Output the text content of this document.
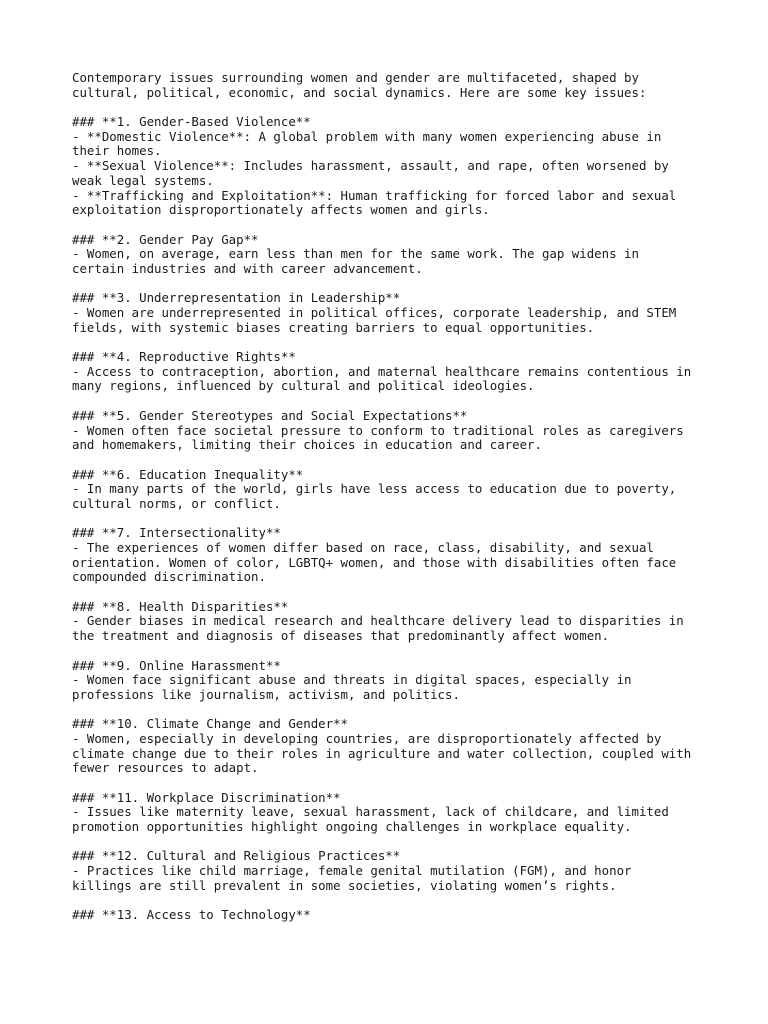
Contemporary issues surrounding women and gender are multifaceted, shaped by
cultural, political, economic, and social dynamics. Here are some key issues:
### **1. Gender-Based Violence**
- **Domestic Violence**: A global problem with many women experiencing abuse in
their homes.
- **Sexual Violence**: Includes harassment, assault, and rape, often worsened by
weak legal systems.
- **Trafficking and Exploitation**: Human trafficking for forced labor and sexual
exploitation disproportionately affects women and girls.
### **2. Gender Pay Gap**
- Women, on average, earn less than men for the same work. The gap widens in
certain industries and with career advancement.
### **3. Underrepresentation in Leadership**
- Women are underrepresented in political offices, corporate leadership, and STEM
fields, with systemic biases creating barriers to equal opportunities.
### **4. Reproductive Rights**
- Access to contraception, abortion, and maternal healthcare remains contentious in
many regions, influenced by cultural and political ideologies.
### **5. Gender Stereotypes and Social Expectations**
- Women often face societal pressure to conform to traditional roles as caregivers
and homemakers, limiting their choices in education and career.
### **6. Education Inequality**
- In many parts of the world, girls have less access to education due to poverty,
cultural norms, or conflict.
### **7. Intersectionality**
- The experiences of women differ based on race, class, disability, and sexual
orientation. Women of color, LGBTQ+ women, and those with disabilities often face
compounded discrimination.
### **8. Health Disparities**
- Gender biases in medical research and healthcare delivery lead to disparities in
the treatment and diagnosis of diseases that predominantly affect women.
### **9. Online Harassment**
- Women face significant abuse and threats in digital spaces, especially in
professions like journalism, activism, and politics.
### **10. Climate Change and Gender**
- Women, especially in developing countries, are disproportionately affected by
climate change due to their roles in agriculture and water collection, coupled with
fewer resources to adapt.
### **11. Workplace Discrimination**
- Issues like maternity leave, sexual harassment, lack of childcare, and limited
promotion opportunities highlight ongoing challenges in workplace equality.
### **12. Cultural and Religious Practices**
- Practices like child marriage, female genital mutilation (FGM), and honor
killings are still prevalent in some societies, violating women’s rights.
### **13. Access to Technology**
